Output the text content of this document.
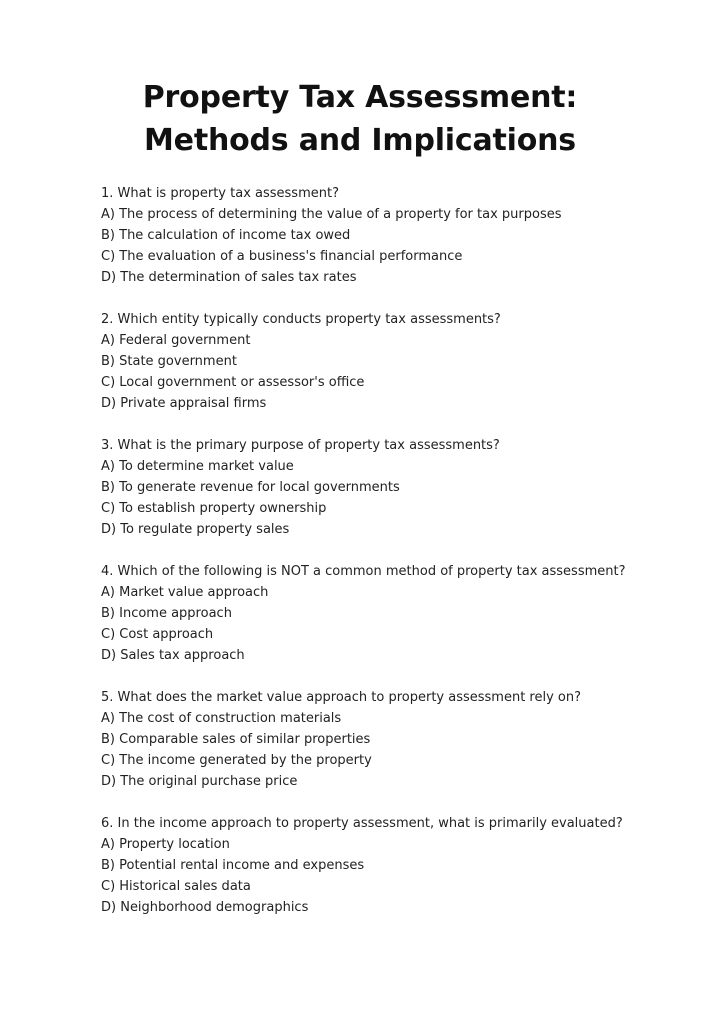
Property Tax Assessment:
Methods and Implications
1. What is property tax assessment?
A) The process of determining the value of a property for tax purposes
B) The calculation of income tax owed
C) The evaluation of a business's financial performance
D) The determination of sales tax rates
2. Which entity typically conducts property tax assessments?
A) Federal government
B) State government
C) Local government or assessor's office
D) Private appraisal firms
3. What is the primary purpose of property tax assessments?
A) To determine market value
B) To generate revenue for local governments
C) To establish property ownership
D) To regulate property sales
4. Which of the following is NOT a common method of property tax assessment?
A) Market value approach
B) Income approach
C) Cost approach
D) Sales tax approach
5. What does the market value approach to property assessment rely on?
A) The cost of construction materials
B) Comparable sales of similar properties
C) The income generated by the property
D) The original purchase price
6. In the income approach to property assessment, what is primarily evaluated?
A) Property location
B) Potential rental income and expenses
C) Historical sales data
D) Neighborhood demographics
